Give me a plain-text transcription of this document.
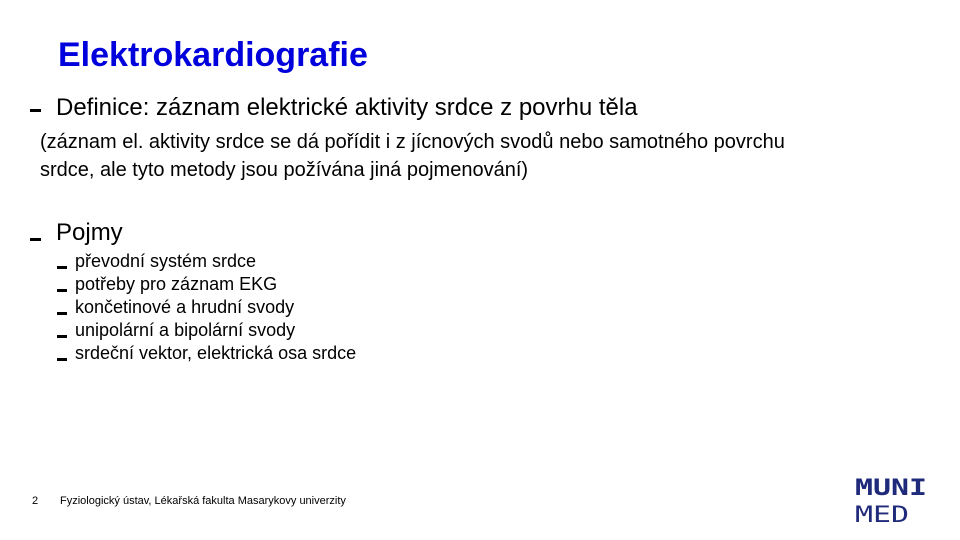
Elektrokardiografie
Definice: záznam elektrické aktivity srdce z povrhu těla
(záznam el. aktivity srdce se dá pořídit i z jícnových svodů nebo samotného povrchu
srdce, ale tyto metody jsou požívána jiná pojmenování)
Pojmy
převodní systém srdce
potřeby pro záznam EKG
končetinové a hrudní svody
unipolární a bipolární svody
srdeční vektor, elektrická osa srdce
2 Fyziologický ústav, Lékařská fakulta Masarykovy univerzity	MUNI
MED
